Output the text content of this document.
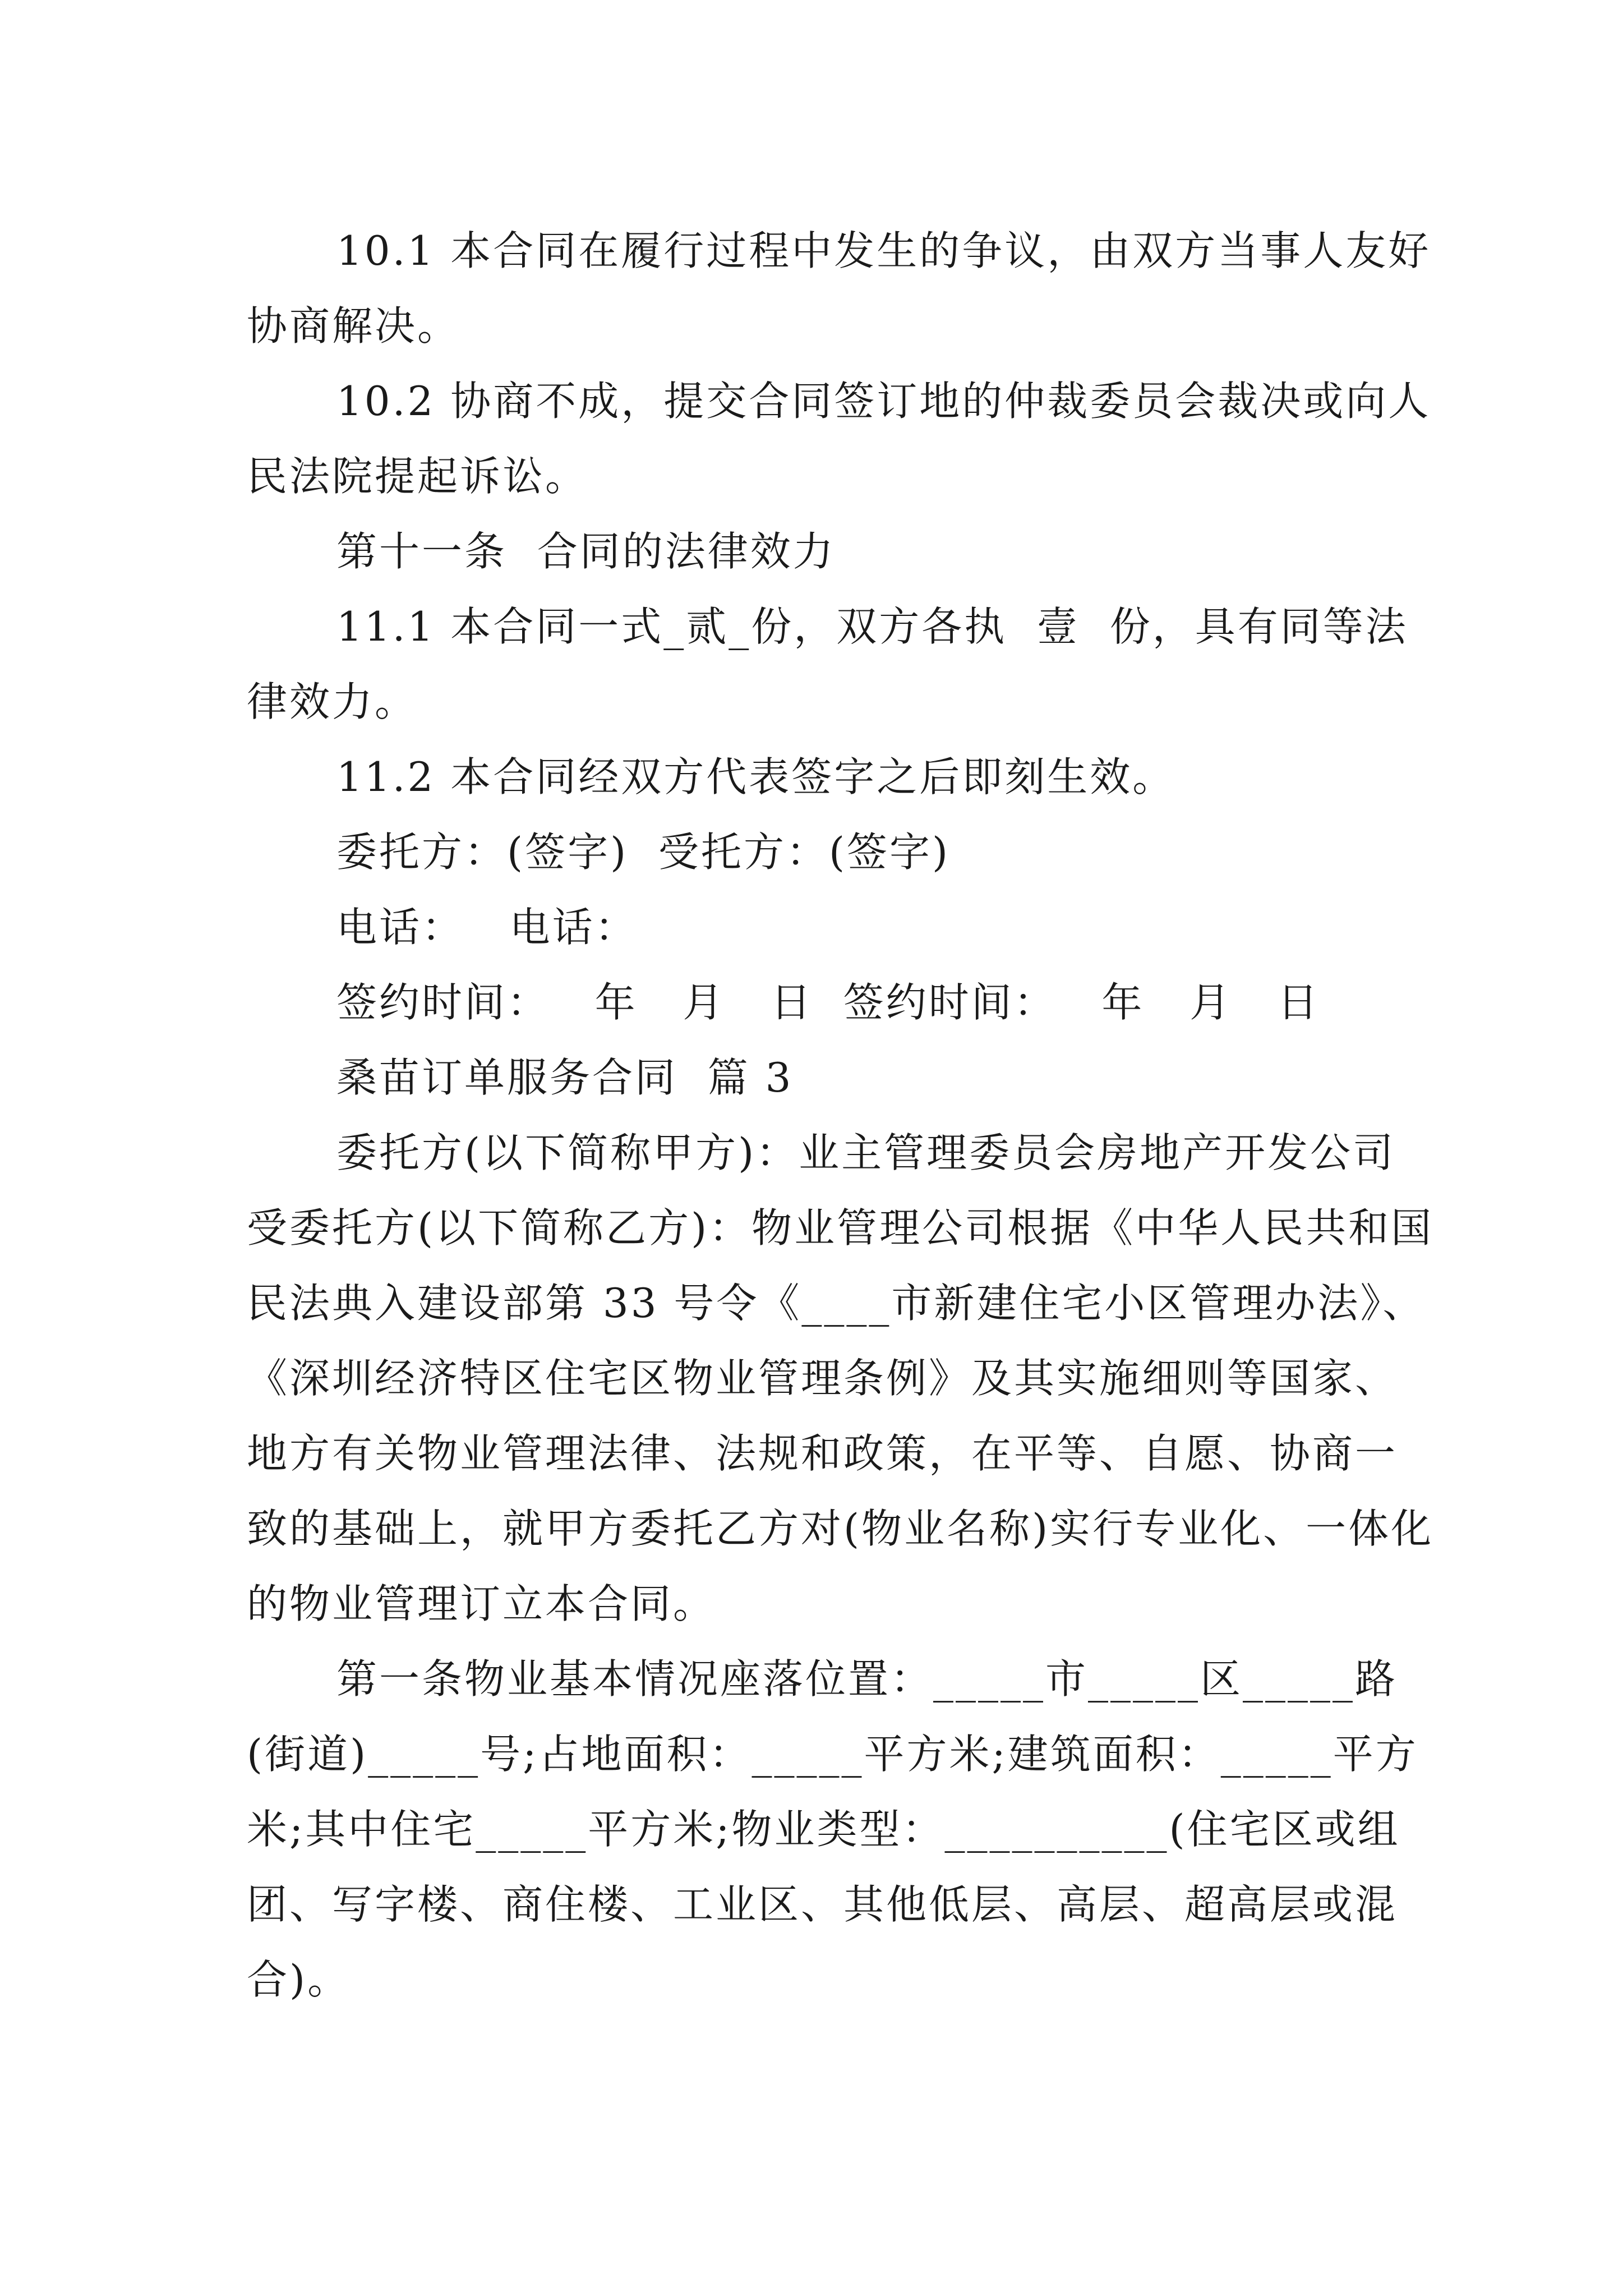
10.1 本合同在履行过程中发生的争议，由双方当事人友好协商解决。

10.2 协商不成，提交合同签订地的仲裁委员会裁决或向人民法院提起诉讼。

第十一条  合同的法律效力

11.1 本合同一式_贰_份，双方各执  壹  份，具有同等法律效力。

11.2 本合同经双方代表签字之后即刻生效。

委托方：(签字)  受托方：(签字)

电话：   电话：

签约时间：   年   月   日  签约时间：   年   月   日

桑苗订单服务合同  篇 3

委托方(以下简称甲方)：业主管理委员会房地产开发公司受委托方(以下简称乙方)：物业管理公司根据《中华人民共和国民法典入建设部第 33 号令《____市新建住宅小区管理办法》、《深圳经济特区住宅区物业管理条例》及其实施细则等国家、地方有关物业管理法律、法规和政策，在平等、自愿、协商一致的基础上，就甲方委托乙方对(物业名称)实行专业化、一体化的物业管理订立本合同。

第一条物业基本情况座落位置：_____市_____区_____路(街道)_____号;占地面积：_____平方米;建筑面积：_____平方米;其中住宅_____平方米;物业类型：__________(住宅区或组团、写字楼、商住楼、工业区、其他低层、高层、超高层或混合)。
